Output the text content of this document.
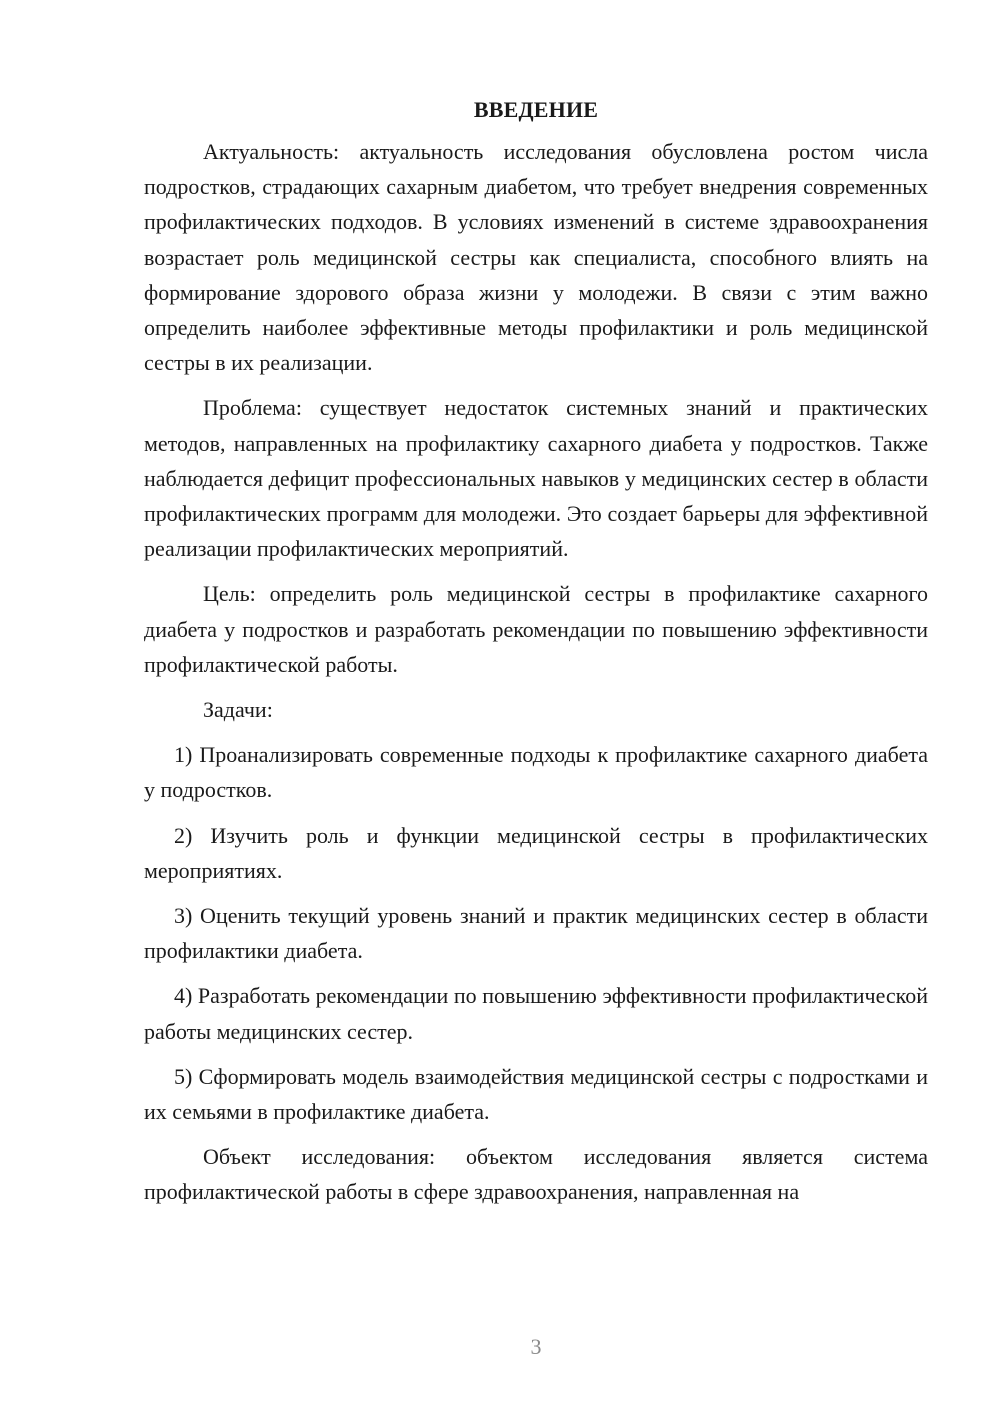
ВВЕДЕНИЕ

Актуальность: актуальность исследования обусловлена ростом числа подростков, страдающих сахарным диабетом, что требует внедрения современных профилактических подходов. В условиях изменений в системе здравоохранения возрастает роль медицинской сестры как специалиста, способного влиять на формирование здорового образа жизни у молодежи. В связи с этим важно определить наиболее эффективные методы профилактики и роль медицинской сестры в их реализации.

Проблема: существует недостаток системных знаний и практических методов, направленных на профилактику сахарного диабета у подростков. Также наблюдается дефицит профессиональных навыков у медицинских сестер в области профилактических программ для молодежи. Это создает барьеры для эффективной реализации профилактических мероприятий.

Цель: определить роль медицинской сестры в профилактике сахарного диабета у подростков и разработать рекомендации по повышению эффективности профилактической работы.

Задачи:

1) Проанализировать современные подходы к профилактике сахарного диабета у подростков.

2) Изучить роль и функции медицинской сестры в профилактических мероприятиях.

3) Оценить текущий уровень знаний и практик медицинских сестер в области профилактики диабета.

4) Разработать рекомендации по повышению эффективности профилактической работы медицинских сестер.

5) Сформировать модель взаимодействия медицинской сестры с подростками и их семьями в профилактике диабета.

Объект исследования: объектом исследования является система профилактической работы в сфере здравоохранения, направленная на

3
